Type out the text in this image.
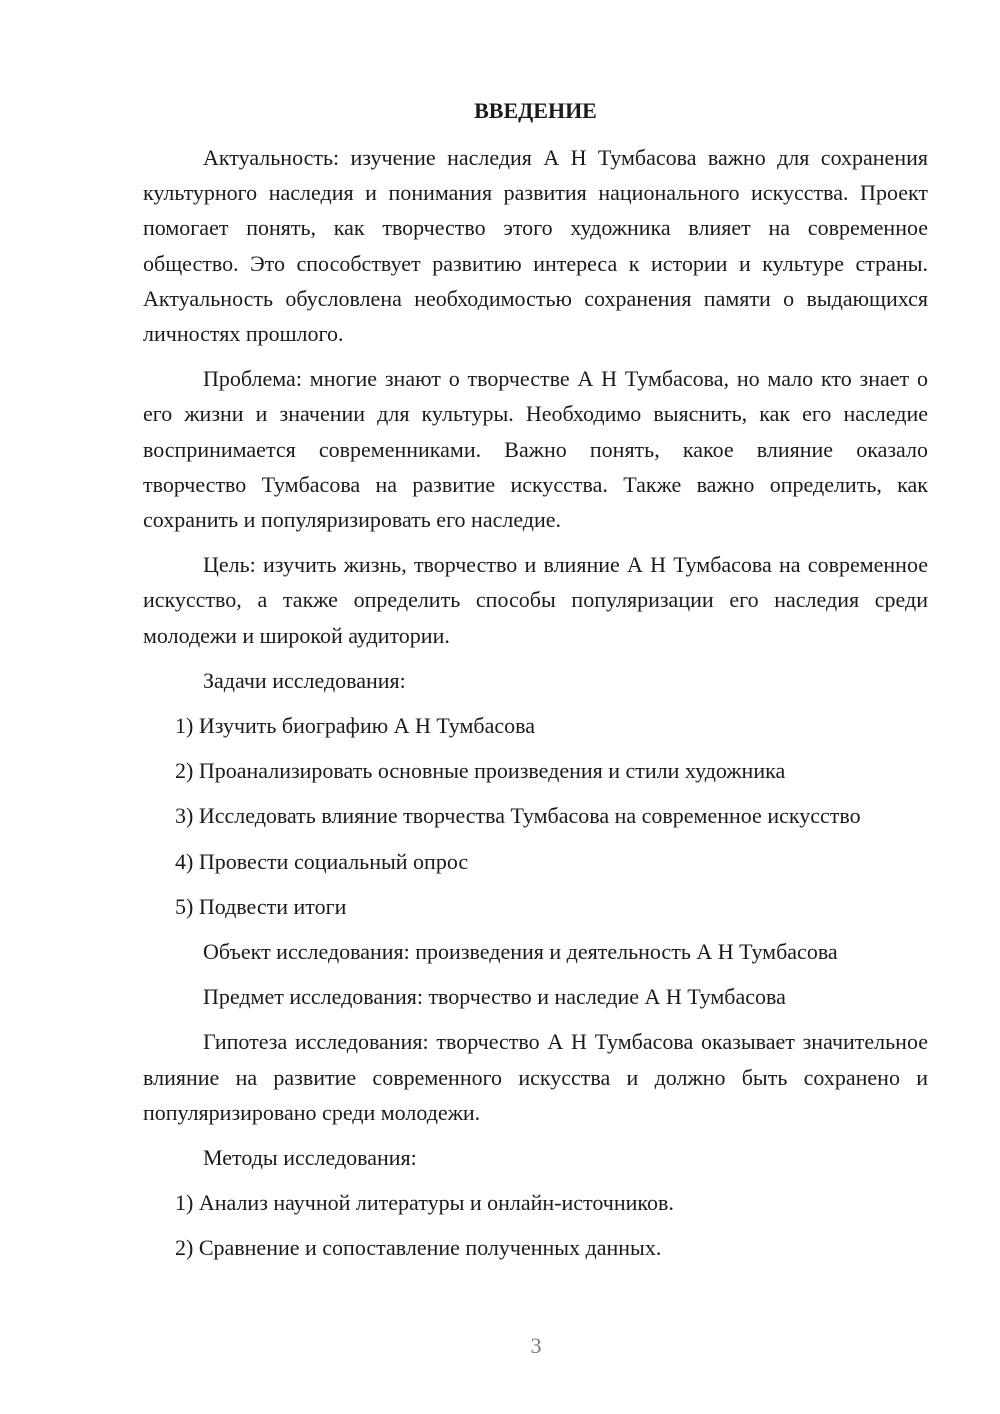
ВВЕДЕНИЕ

Актуальность: изучение наследия А Н Тумбасова важно для сохранения культурного наследия и понимания развития национального искусства. Проект помогает понять, как творчество этого художника влияет на современное общество. Это способствует развитию интереса к истории и культуре страны. Актуальность обусловлена необходимостью сохранения памяти о выдающихся личностях прошлого.

Проблема: многие знают о творчестве А Н Тумбасова, но мало кто знает о его жизни и значении для культуры. Необходимо выяснить, как его наследие воспринимается современниками. Важно понять, какое влияние оказало творчество Тумбасова на развитие искусства. Также важно определить, как сохранить и популяризировать его наследие.

Цель: изучить жизнь, творчество и влияние А Н Тумбасова на современное искусство, а также определить способы популяризации его наследия среди молодежи и широкой аудитории.

Задачи исследования:

1) Изучить биографию А Н Тумбасова

2) Проанализировать основные произведения и стили художника

3) Исследовать влияние творчества Тумбасова на современное искусство

4) Провести социальный опрос

5) Подвести итоги

Объект исследования: произведения и деятельность А Н Тумбасова

Предмет исследования: творчество и наследие А Н Тумбасова

Гипотеза исследования: творчество А Н Тумбасова оказывает значительное влияние на развитие современного искусства и должно быть сохранено и популяризировано среди молодежи.

Методы исследования:

1) Анализ научной литературы и онлайн-источников.

2) Сравнение и сопоставление полученных данных.

3
